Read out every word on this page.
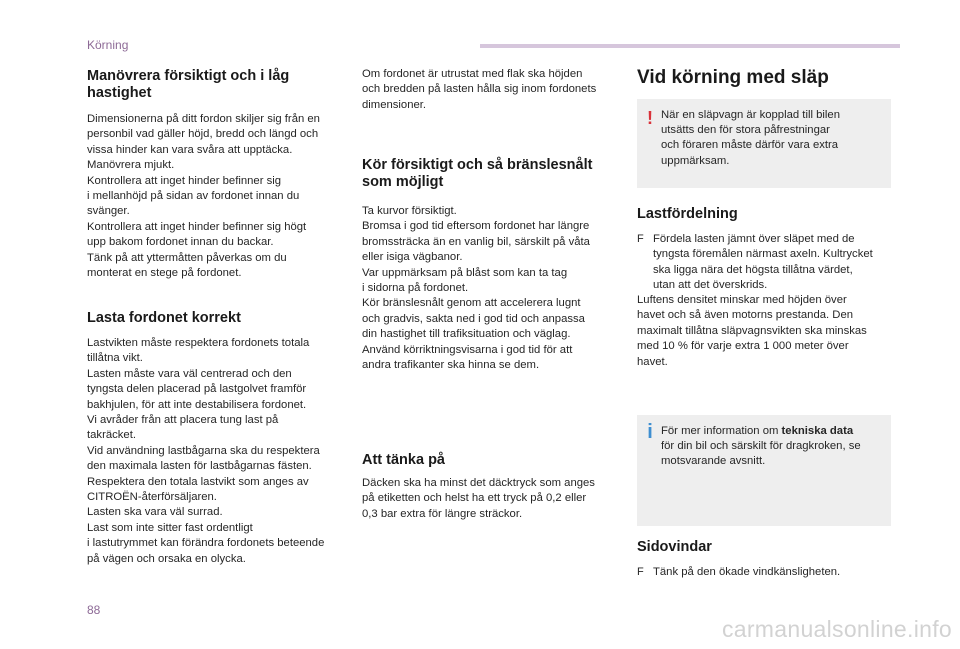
Körning
Manövrera försiktigt och i låg hastighet
Dimensionerna på ditt fordon skiljer sig från en
personbil vad gäller höjd, bredd och längd och
vissa hinder kan vara svåra att upptäcka.
Manövrera mjukt.
Kontrollera att inget hinder befinner sig
i mellanhöjd på sidan av fordonet innan du
svänger.
Kontrollera att inget hinder befinner sig högt
upp bakom fordonet innan du backar.
Tänk på att yttermåtten påverkas om du
monterat en stege på fordonet.
Lasta fordonet korrekt
Lastvikten måste respektera fordonets totala
tillåtna vikt.
Lasten måste vara väl centrerad och den
tyngsta delen placerad på lastgolvet framför
bakhjulen, för att inte destabilisera fordonet.
Vi avråder från att placera tung last på
takräcket.
Vid användning lastbågarna ska du respektera
den maximala lasten för lastbågarnas fästen.
Respektera den totala lastvikt som anges av
CITROËN-återförsäljaren.
Lasten ska vara väl surrad.
Last som inte sitter fast ordentligt
i lastutrymmet kan förändra fordonets beteende
på vägen och orsaka en olycka.
Om fordonet är utrustat med flak ska höjden
och bredden på lasten hålla sig inom fordonets
dimensioner.
Kör försiktigt och så bränslesnålt som möjligt
Ta kurvor försiktigt.
Bromsa i god tid eftersom fordonet har längre
bromssträcka än en vanlig bil, särskilt på våta
eller isiga vägbanor.
Var uppmärksam på blåst som kan ta tag
i sidorna på fordonet.
Kör bränslesnålt genom att accelerera lugnt
och gradvis, sakta ned i god tid och anpassa
din hastighet till trafiksituation och väglag.
Använd körriktningsvisarna i god tid för att
andra trafikanter ska hinna se dem.
Att tänka på
Däcken ska ha minst det däcktryck som anges
på etiketten och helst ha ett tryck på 0,2 eller
0,3 bar extra för längre sträckor.
Vid körning med släp
! När en släpvagn är kopplad till bilen
utsätts den för stora påfrestningar
och föraren måste därför vara extra
uppmärksam.
Lastfördelning
F Fördela lasten jämnt över släpet med de
tyngsta föremålen närmast axeln. Kultrycket
ska ligga nära det högsta tillåtna värdet,
utan att det överskrids.
Luftens densitet minskar med höjden över
havet och så även motorns prestanda. Den
maximalt tillåtna släpvagnsvikten ska minskas
med 10 % för varje extra 1 000 meter över
havet.
i För mer information om tekniska data
för din bil och särskilt för dragkroken, se
motsvarande avsnitt.
Sidovindar
F Tänk på den ökade vindkänsligheten.
88
carmanualsonline.info
